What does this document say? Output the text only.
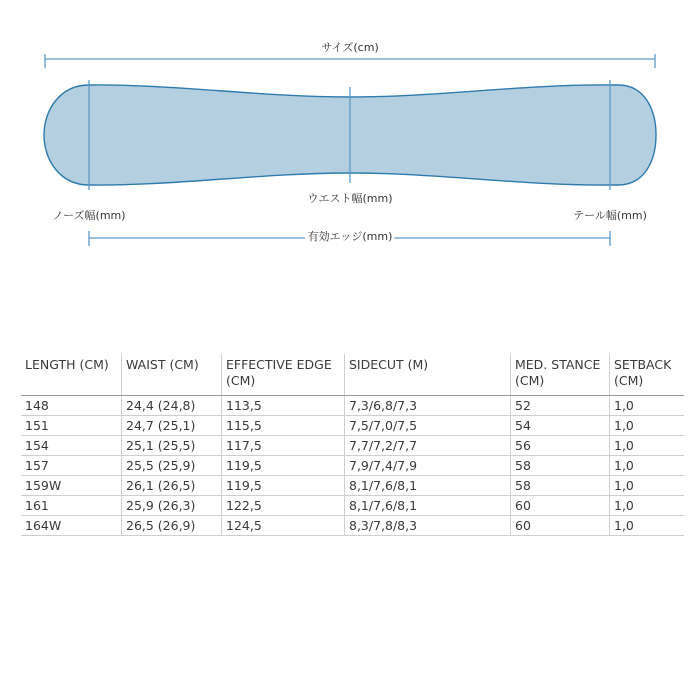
サイズ(cm)
ウエスト幅(mm)
ノーズ幅(mm)	テール幅(mm)
有効エッジ(mm)
LENGTH (CM)	WAIST (CM)	EFFECTIVE EDGE (CM)	SIDECUT (M)	MED. STANCE (CM)	SETBACK (CM)
148	24,4 (24,8)	113,5	7,3/6,8/7,3	52	1,0
151	24,7 (25,1)	115,5	7,5/7,0/7,5	54	1,0
154	25,1 (25,5)	117,5	7,7/7,2/7,7	56	1,0
157	25,5 (25,9)	119,5	7,9/7,4/7,9	58	1,0
159W	26,1 (26,5)	119,5	8,1/7,6/8,1	58	1,0
161	25,9 (26,3)	122,5	8,1/7,6/8,1	60	1,0
164W	26,5 (26,9)	124,5	8,3/7,8/8,3	60	1,0
